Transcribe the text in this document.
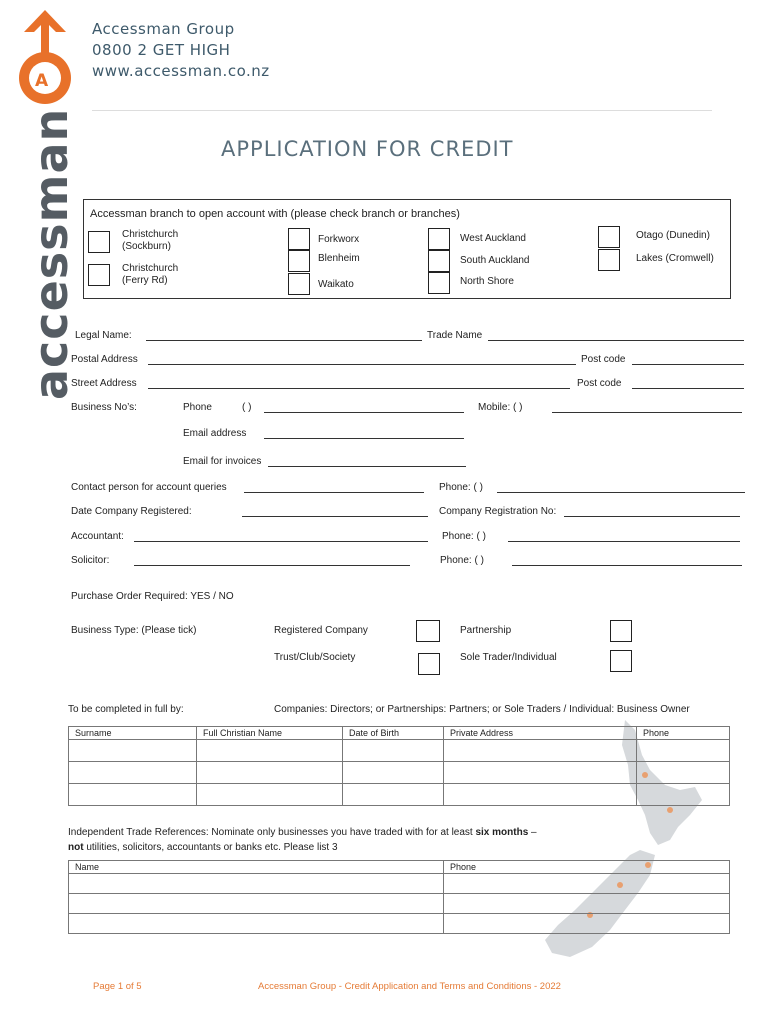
A
accessman
Accessman Group
0800 2 GET HIGH
www.accessman.co.nz
APPLICATION FOR CREDIT
Accessman branch to open account with (please check branch or branches)
Christchurch
(Sockburn)
Christchurch
(Ferry Rd)
Forkworx
Blenheim
Waikato
West Auckland
South Auckland
North Shore
Otago (Dunedin)
Lakes (Cromwell)
Legal Name:	Trade Name
Postal Address	Post code
Street Address	Post code
Business No’s:	Phone	( )	Mobile: ( )
Email address
Email for invoices
Contact person for account queries	Phone: ( )
Date Company Registered:	Company Registration No:
Accountant:	Phone: ( )
Solicitor:	Phone: ( )
Purchase Order Required: YES / NO
Business Type: (Please tick)	Registered Company	Partnership
Trust/Club/Society	Sole Trader/Individual
To be completed in full by:	Companies: Directors; or Partnerships: Partners; or Sole Traders / Individual: Business Owner
Surname	Full Christian Name	Date of Birth	Private Address	Phone

Independent Trade References: Nominate only businesses you have traded with for at least six months –
not utilities, solicitors, accountants or banks etc. Please list 3
Name	Phone

Page 1 of 5	Accessman Group - Credit Application and Terms and Conditions - 2022
